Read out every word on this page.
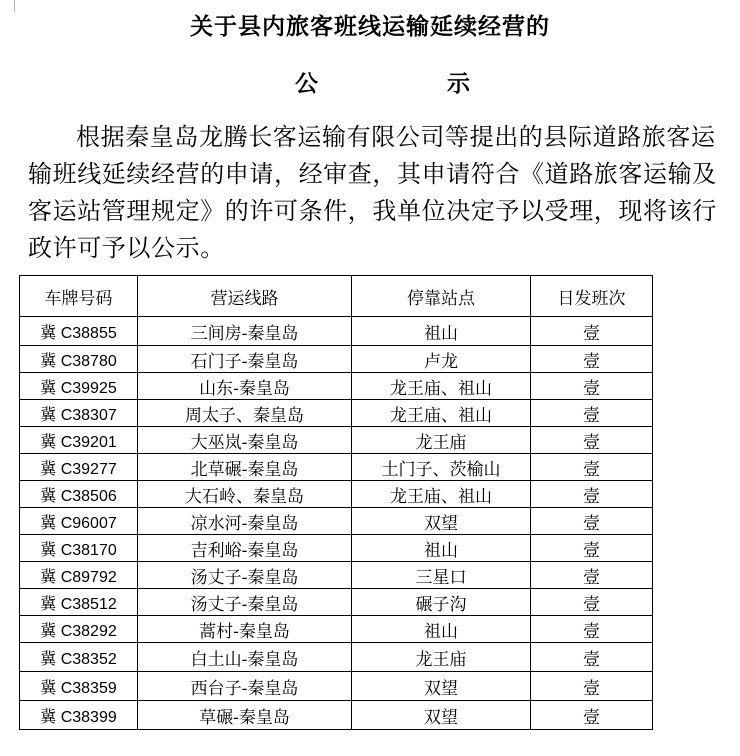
关于县内旅客班线运输延续经营的
公	示

根据秦皇岛龙腾长客运输有限公司等提出的县际道路旅客运输班线延续经营的申请，经审查，其申请符合《道路旅客运输及客运站管理规定》的许可条件，我单位决定予以受理，现将该行政许可予以公示。

车牌号码	营运线路	停靠站点	日发班次
冀 C38855	三间房-秦皇岛	祖山	壹
冀 C38780	石门子-秦皇岛	卢龙	壹
冀 C39925	山东-秦皇岛	龙王庙、祖山	壹
冀 C38307	周太子、秦皇岛	龙王庙、祖山	壹
冀 C39201	大巫岚-秦皇岛	龙王庙	壹
冀 C39277	北草碾-秦皇岛	土门子、茨榆山	壹
冀 C38506	大石岭、秦皇岛	龙王庙、祖山	壹
冀 C96007	凉水河-秦皇岛	双望	壹
冀 C38170	吉利峪-秦皇岛	祖山	壹
冀 C89792	汤丈子-秦皇岛	三星口	壹
冀 C38512	汤丈子-秦皇岛	碾子沟	壹
冀 C38292	蒿村-秦皇岛	祖山	壹
冀 C38352	白土山-秦皇岛	龙王庙	壹
冀 C38359	西台子-秦皇岛	双望	壹
冀 C38399	草碾-秦皇岛	双望	壹
